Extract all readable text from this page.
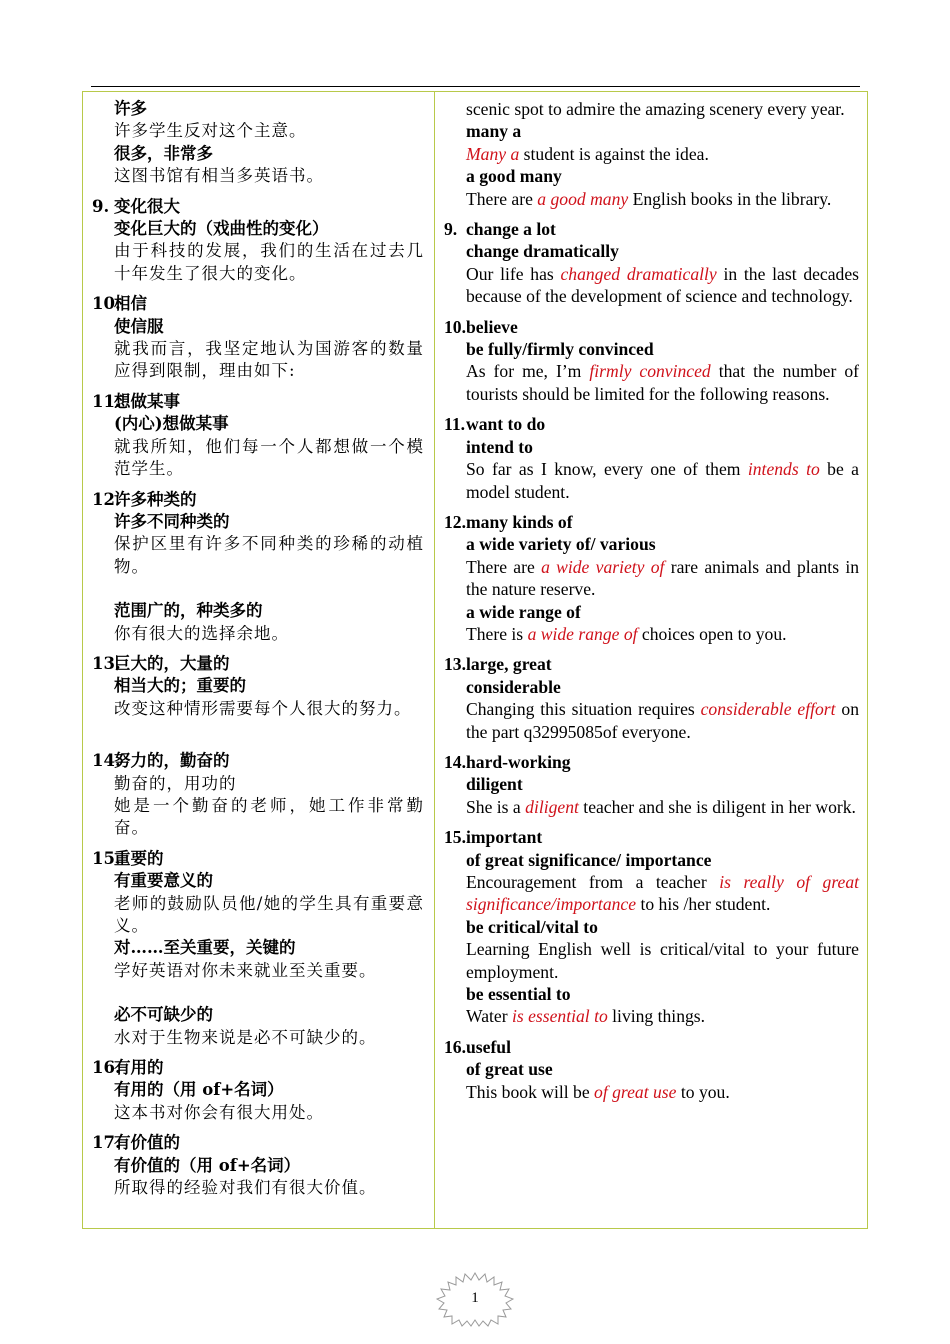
许多
许多学生反对这个主意。
很多，非常多
这图书馆有相当多英语书。
9. 变化很大
变化巨大的（戏曲性的变化）
由于科技的发展，我们的生活在过去几十年发生了很大的变化。
10.相信
使信服
就我而言，我坚定地认为国游客的数量应得到限制，理由如下:
11.想做某事
(内心)想做某事
就我所知，他们每一个人都想做一个模范学生。
12.许多种类的
许多不同种类的
保护区里有许多不同种类的珍稀的动植物。
范围广的，种类多的
你有很大的选择余地。
13.巨大的，大量的
相当大的；重要的
改变这种情形需要每个人很大的努力。
14.努力的，勤奋的
勤奋的，用功的
她是一个勤奋的老师，她工作非常勤奋。
15.重要的
有重要意义的
老师的鼓励队员他/她的学生具有重要意义。
对……至关重要，关键的
学好英语对你未来就业至关重要。
必不可缺少的
水对于生物来说是必不可缺少的。
16.有用的
有用的（用 of+名词）
这本书对你会有很大用处。
17.有价值的
有价值的（用 of+名词）
所取得的经验对我们有很大价值。
scenic spot to admire the amazing scenery every year.
many a
Many a student is against the idea.
a good many
There are a good many English books in the library.
9. change a lot
change dramatically
Our life has changed dramatically in the last decades because of the development of science and technology.
10.believe
be fully/firmly convinced
As for me, I’m firmly convinced that the number of tourists should be limited for the following reasons.
11.want to do
intend to
So far as I know, every one of them intends to be a model student.
12.many kinds of
a wide variety of/ various
There are a wide variety of rare animals and plants in the nature reserve.
a wide range of
There is a wide range of choices open to you.
13.large, great
considerable
Changing this situation requires considerable effort on the part q32995085of everyone.
14.hard-working
diligent
She is a diligent teacher and she is diligent in her work.
15.important
of great significance/ importance
Encouragement from a teacher is really of great significance/importance to his /her student.
be critical/vital to
Learning English well is critical/vital to your future employment.
be essential to
Water is essential to living things.
16.useful
of great use
This book will be of great use to you.
1
